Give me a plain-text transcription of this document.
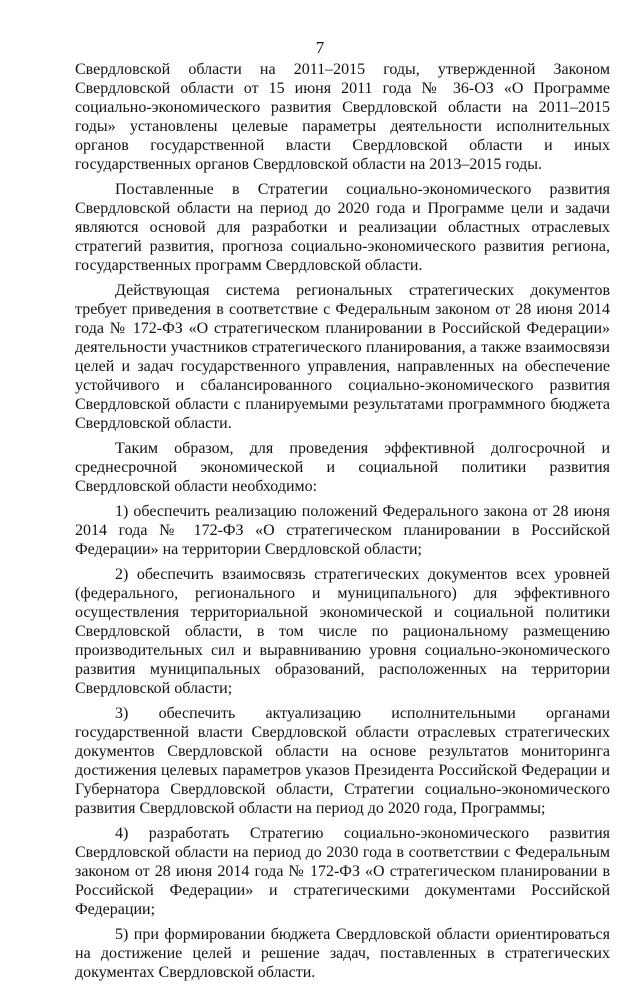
7

Свердловской области на 2011–2015 годы, утвержденной Законом Свердловской области от 15 июня 2011 года № 36-ОЗ «О Программе социально-экономического развития Свердловской области на 2011–2015 годы» установлены целевые параметры деятельности исполнительных органов государственной власти Свердловской области и иных государственных органов Свердловской области на 2013–2015 годы.

Поставленные в Стратегии социально-экономического развития Свердловской области на период до 2020 года и Программе цели и задачи являются основой для разработки и реализации областных отраслевых стратегий развития, прогноза социально-экономического развития региона, государственных программ Свердловской области.

Действующая система региональных стратегических документов требует приведения в соответствие с Федеральным законом от 28 июня 2014 года № 172-ФЗ «О стратегическом планировании в Российской Федерации» деятельности участников стратегического планирования, а также взаимосвязи целей и задач государственного управления, направленных на обеспечение устойчивого и сбалансированного социально-экономического развития Свердловской области с планируемыми результатами программного бюджета Свердловской области.

Таким образом, для проведения эффективной долгосрочной и среднесрочной экономической и социальной политики развития Свердловской области необходимо:

1) обеспечить реализацию положений Федерального закона от 28 июня 2014 года № 172-ФЗ «О стратегическом планировании в Российской Федерации» на территории Свердловской области;

2) обеспечить взаимосвязь стратегических документов всех уровней (федерального, регионального и муниципального) для эффективного осуществления территориальной экономической и социальной политики Свердловской области, в том числе по рациональному размещению производительных сил и выравниванию уровня социально-экономического развития муниципальных образований, расположенных на территории Свердловской области;

3) обеспечить актуализацию исполнительными органами государственной власти Свердловской области отраслевых стратегических документов Свердловской области на основе результатов мониторинга достижения целевых параметров указов Президента Российской Федерации и Губернатора Свердловской области, Стратегии социально-экономического развития Свердловской области на период до 2020 года, Программы;

4) разработать Стратегию социально-экономического развития Свердловской области на период до 2030 года в соответствии с Федеральным законом от 28 июня 2014 года № 172-ФЗ «О стратегическом планировании в Российской Федерации» и стратегическими документами Российской Федерации;

5) при формировании бюджета Свердловской области ориентироваться на достижение целей и решение задач, поставленных в стратегических документах Свердловской области.
